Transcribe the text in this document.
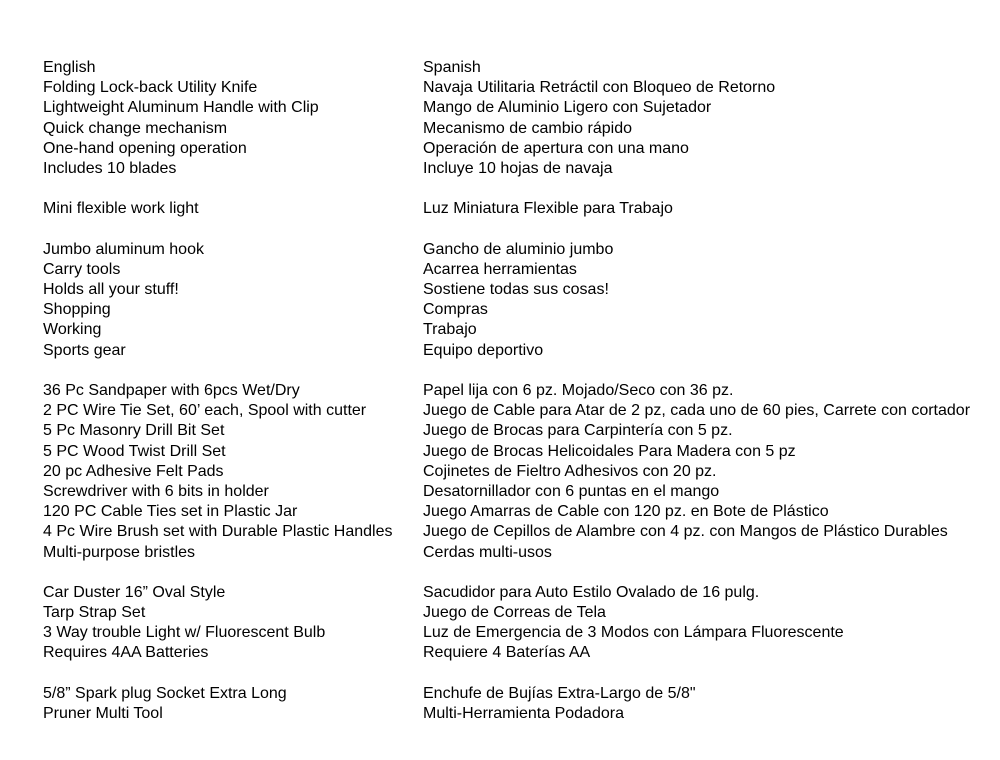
English	Spanish
Folding Lock-back Utility Knife	Navaja Utilitaria Retráctil con Bloqueo de Retorno
Lightweight Aluminum Handle with Clip	Mango de Aluminio Ligero con Sujetador
Quick change mechanism	Mecanismo de cambio rápido
One-hand opening operation	Operación de apertura con una mano
Includes 10 blades	Incluye 10 hojas de navaja
Mini flexible work light	Luz Miniatura Flexible para Trabajo
Jumbo aluminum hook	Gancho de aluminio jumbo
Carry tools	Acarrea herramientas
Holds all your stuff!	Sostiene todas sus cosas!
Shopping	Compras
Working	Trabajo
Sports gear	Equipo deportivo
36 Pc Sandpaper with 6pcs Wet/Dry	Papel lija con 6 pz. Mojado/Seco con 36 pz.
2 PC Wire Tie Set, 60’ each, Spool with cutter	Juego de Cable para Atar de 2 pz, cada uno de 60 pies, Carrete con cortador
5 Pc Masonry Drill Bit Set	Juego de Brocas para Carpintería con 5 pz.
5 PC Wood Twist Drill Set	Juego de Brocas Helicoidales Para Madera con 5 pz
20 pc Adhesive Felt Pads	Cojinetes de Fieltro Adhesivos con 20 pz.
Screwdriver with 6 bits in holder	Desatornillador con 6 puntas en el mango
120 PC Cable Ties set in Plastic Jar	Juego Amarras de Cable con 120 pz. en Bote de Plástico
4 Pc Wire Brush set with Durable Plastic Handles	Juego de Cepillos de Alambre con 4 pz. con Mangos de Plástico Durables
Multi-purpose bristles	Cerdas multi-usos
Car Duster 16” Oval Style	Sacudidor para Auto Estilo Ovalado de 16 pulg.
Tarp Strap Set	Juego de Correas de Tela
3 Way trouble Light w/ Fluorescent Bulb	Luz de Emergencia de 3 Modos con Lámpara Fluorescente
Requires 4AA Batteries	Requiere 4 Baterías AA
5/8” Spark plug Socket Extra Long	Enchufe de Bujías Extra-Largo de 5/8"
Pruner Multi Tool	Multi-Herramienta Podadora
